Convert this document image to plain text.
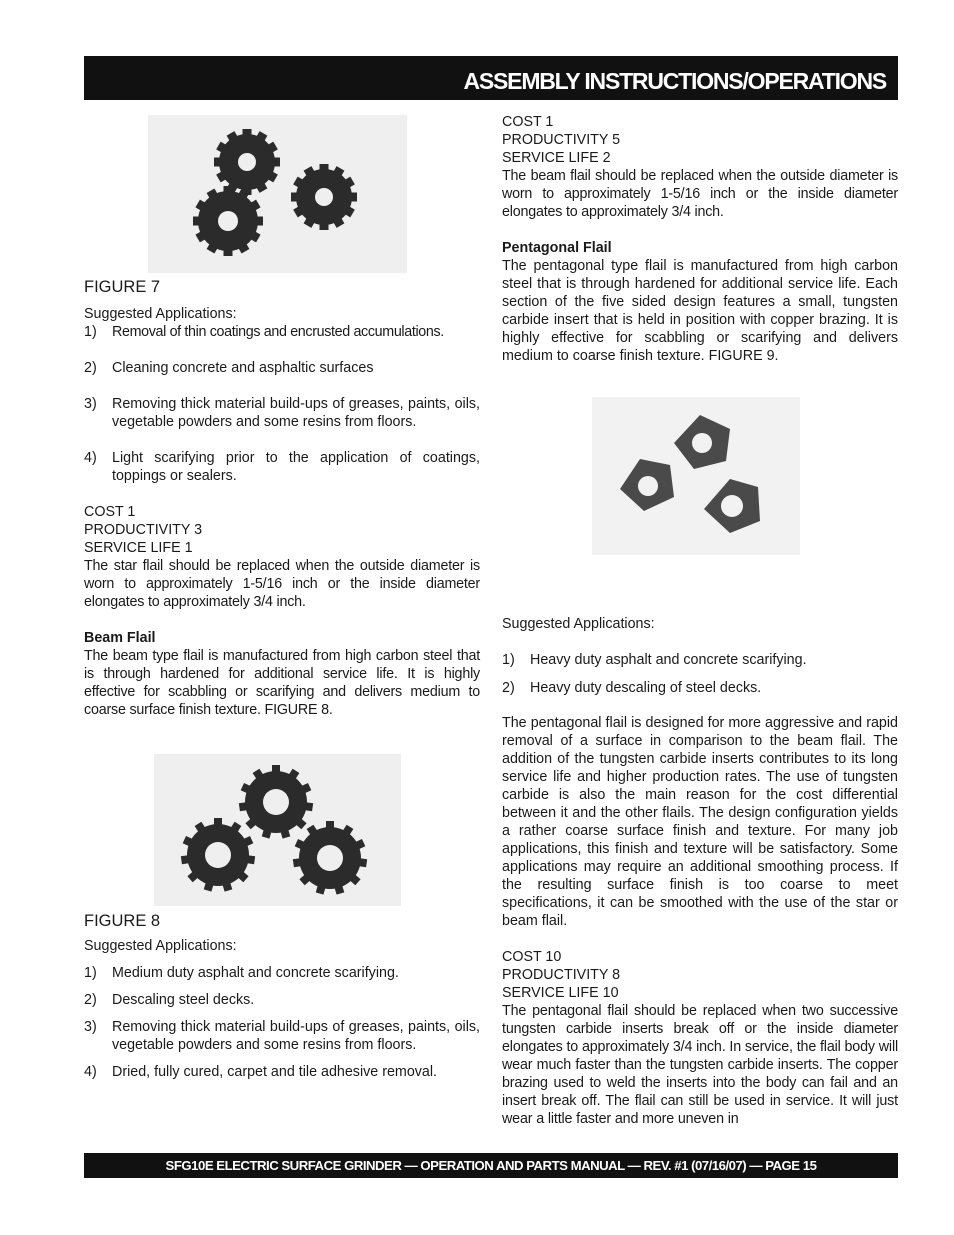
ASSEMBLY INSTRUCTIONS/OPERATIONS
FIGURE 7
Suggested Applications:
1) Removal of thin coatings and encrusted accumulations.
2) Cleaning concrete and asphaltic surfaces
3) Removing thick material build-ups of greases, paints, oils, vegetable powders and some resins from floors.

4) Light scarifying prior to the application of coatings, toppings or sealers.

COST 1
PRODUCTIVITY 3
SERVICE LIFE 1

The star flail should be replaced when the outside diameter is worn to approximately 1-5/16 inch or the inside diameter elongates to approximately 3/4 inch.

Beam Flail

The beam type flail is manufactured from high carbon steel that is through hardened for additional service life. It is highly effective for scabbling or scarifying and delivers medium to coarse surface finish texture. FIGURE 8.

FIGURE 8
Suggested Applications:
1) Medium duty asphalt and concrete scarifying.
2) Descaling steel decks.
3) Removing thick material build-ups of greases, paints, oils, vegetable powders and some resins from floors.

4) Dried, fully cured, carpet and tile adhesive removal.
COST 1
PRODUCTIVITY 5
SERVICE LIFE 2

The beam flail should be replaced when the outside diameter is worn to approximately 1-5/16 inch or the inside diameter elongates to approximately 3/4 inch.

Pentagonal Flail

The pentagonal type flail is manufactured from high carbon steel that is through hardened for additional service life. Each section of the five sided design features a small, tungsten carbide insert that is held in position with copper brazing. It is highly effective for scabbling or scarifying and delivers medium to coarse finish texture. FIGURE 9.

Suggested Applications:
1) Heavy duty asphalt and concrete scarifying.
2) Heavy duty descaling of steel decks.

The pentagonal flail is designed for more aggressive and rapid removal of a surface in comparison to the beam flail. The addition of the tungsten carbide inserts contributes to its long service life and higher production rates. The use of tungsten carbide is also the main reason for the cost differential between it and the other flails. The design configuration yields a rather coarse surface finish and texture. For many job applications, this finish and texture will be satisfactory. Some applications may require an additional smoothing process. If the resulting surface finish is too coarse to meet specifications, it can be smoothed with the use of the star or beam flail.

COST 10
PRODUCTIVITY 8
SERVICE LIFE 10

The pentagonal flail should be replaced when two successive tungsten carbide inserts break off or the inside diameter elongates to approximately 3/4 inch. In service, the flail body will wear much faster than the tungsten carbide inserts. The copper brazing used to weld the inserts into the body can fail and an insert break off. The flail can still be used in service. It will just wear a little faster and more uneven in

SFG10E ELECTRIC SURFACE GRINDER — OPERATION AND PARTS MANUAL — REV. #1 (07/16/07) — PAGE 15
